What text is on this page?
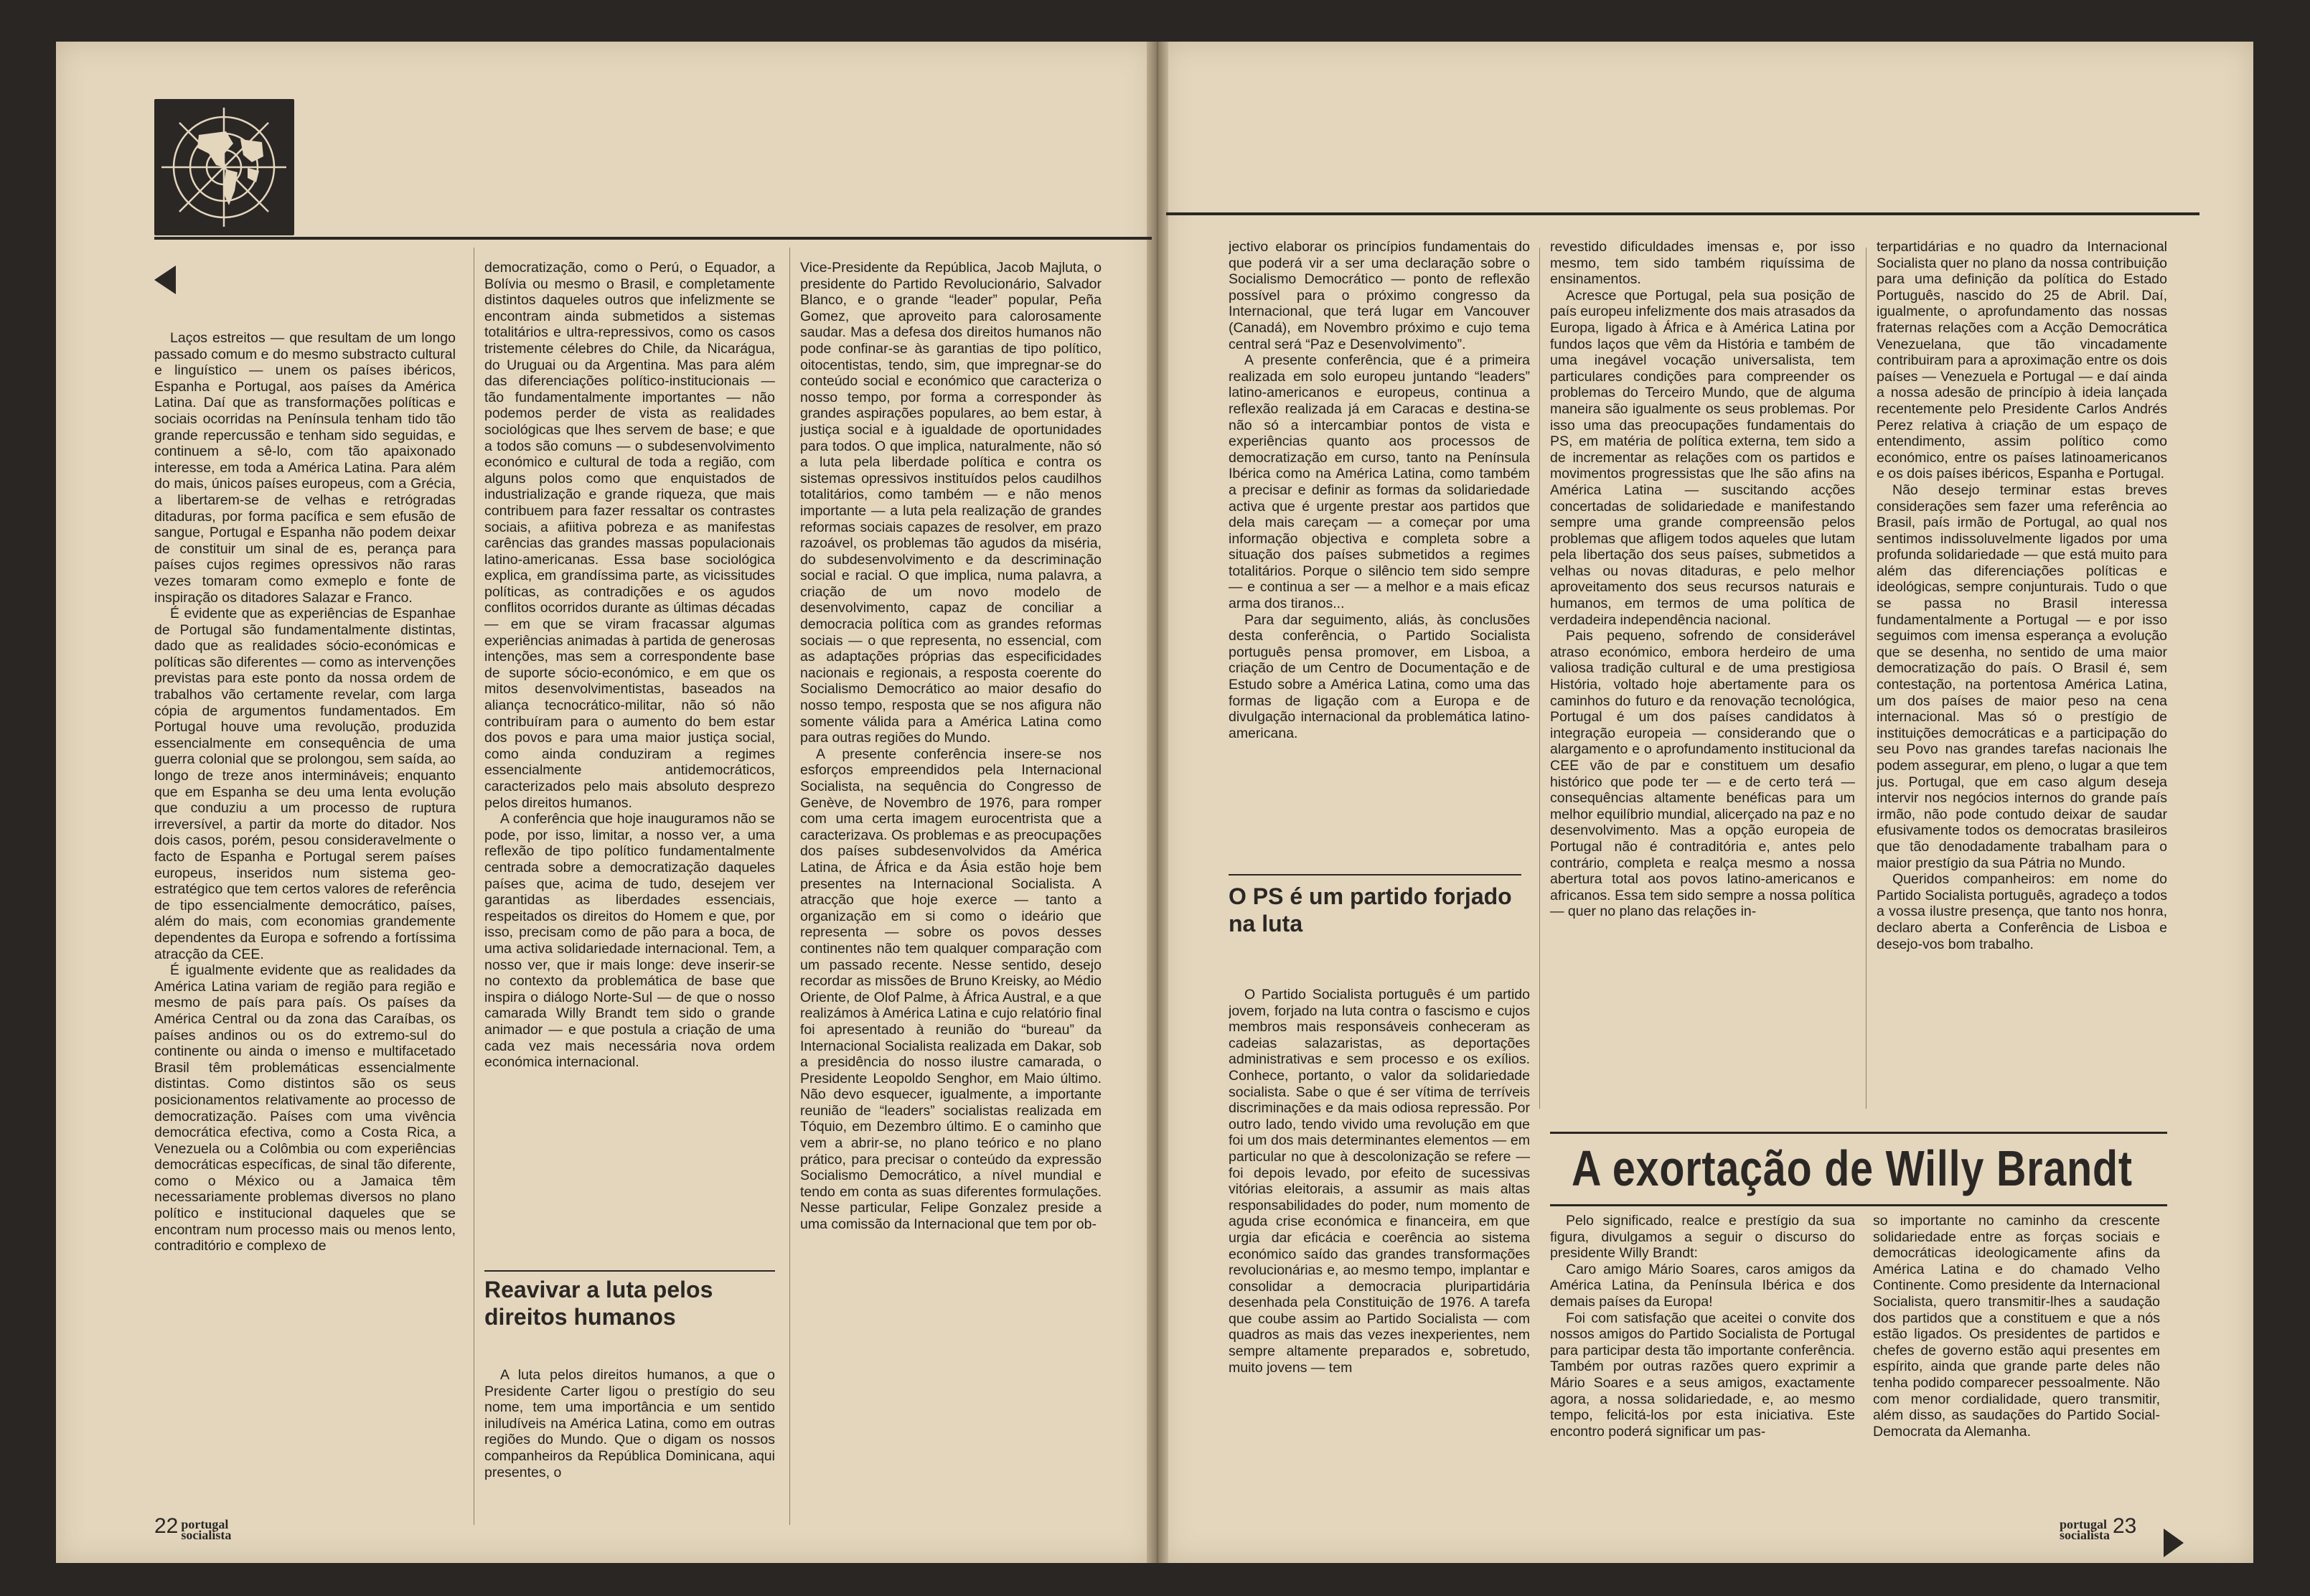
Laços estreitos — que resultam de um longo passado comum e do mesmo substracto cultural e linguístico — unem os países ibéricos, Espanha e Portugal, aos países da América Latina. Daí que as transformações políticas e sociais ocorridas na Península tenham tido tão grande repercussão e tenham sido seguidas, e continuem a sê-lo, com tão apaixonado interesse, em toda a América Latina. Para além do mais, únicos países europeus, com a Grécia, a libertarem-se de velhas e retrógradas ditaduras, por forma pacífica e sem efusão de sangue, Portugal e Espanha não podem deixar de constituir um sinal de es, perança para países cujos regimes opressivos não raras vezes tomaram como exmeplo e fonte de inspiração os ditadores Salazar e Franco.

É evidente que as experiências de Espanhae de Portugal são fundamentalmente distintas, dado que as realidades sócio-económicas e políticas são diferentes — como as intervenções previstas para este ponto da nossa ordem de trabalhos vão certamente revelar, com larga cópia de argumentos fundamentados. Em Portugal houve uma revolução, produzida essencialmente em consequência de uma guerra colonial que se prolongou, sem saída, ao longo de treze anos intermináveis; enquanto que em Espanha se deu uma lenta evolução que conduziu a um processo de ruptura irreversível, a partir da morte do ditador. Nos dois casos, porém, pesou consideravelmente o facto de Espanha e Portugal serem países europeus, inseridos num sistema geo-estratégico que tem certos valores de referência de tipo essencialmente democrático, países, além do mais, com economias grandemente dependentes da Europa e sofrendo a fortíssima atracção da CEE.

É igualmente evidente que as realidades da América Latina variam de região para região e mesmo de país para país. Os países da América Central ou da zona das Caraíbas, os países andinos ou os do extremo-sul do continente ou ainda o imenso e multifacetado Brasil têm problemáticas essencialmente distintas. Como distintos são os seus posicionamentos relativamente ao processo de democratização. Países com uma vivência democrática efectiva, como a Costa Rica, a Venezuela ou a Colômbia ou com experiências democráticas específicas, de sinal tão diferente, como o México ou a Jamaica têm necessariamente problemas diversos no plano político e institucional daqueles que se encontram num processo mais ou menos lento, contraditório e complexo de

democratização, como o Perú, o Equador, a Bolívia ou mesmo o Brasil, e completamente distintos daqueles outros que infelizmente se encontram ainda submetidos a sistemas totalitários e ultra-repressivos, como os casos tristemente célebres do Chile, da Nicarágua, do Uruguai ou da Argentina. Mas para além das diferenciações político-institucionais — tão fundamentalmente importantes — não podemos perder de vista as realidades sociológicas que lhes servem de base; e que a todos são comuns — o subdesenvolvimento económico e cultural de toda a região, com alguns polos como que enquistados de industrialização e grande riqueza, que mais contribuem para fazer ressaltar os contrastes sociais, a afiitiva pobreza e as manifestas carências das grandes massas populacionais latino-americanas. Essa base sociológica explica, em grandíssima parte, as vicissitudes políticas, as contradições e os agudos conflitos ocorridos durante as últimas décadas — em que se viram fracassar algumas experiências animadas à partida de generosas intenções, mas sem a correspondente base de suporte sócio-económico, e em que os mitos desenvolvimentistas, baseados na aliança tecnocrático-militar, não só não contribuíram para o aumento do bem estar dos povos e para uma maior justiça social, como ainda conduziram a regimes essencialmente antidemocráticos, caracterizados pelo mais absoluto desprezo pelos direitos humanos.

A conferência que hoje inauguramos não se pode, por isso, limitar, a nosso ver, a uma reflexão de tipo político fundamentalmente centrada sobre a democratização daqueles países que, acima de tudo, desejem ver garantidas as liberdades essenciais, respeitados os direitos do Homem e que, por isso, precisam como de pão para a boca, de uma activa solidariedade internacional. Tem, a nosso ver, que ir mais longe: deve inserir-se no contexto da problemática de base que inspira o diálogo Norte-Sul — de que o nosso camarada Willy Brandt tem sido o grande animador — e que postula a criação de uma cada vez mais necessária nova ordem económica internacional.

Reavivar a luta pelos direitos humanos

A luta pelos direitos humanos, a que o Presidente Carter ligou o prestígio do seu nome, tem uma importância e um sentido iniludíveis na América Latina, como em outras regiões do Mundo. Que o digam os nossos companheiros da República Dominicana, aqui presentes, o

Vice-Presidente da República, Jacob Majluta, o presidente do Partido Revolucionário, Salvador Blanco, e o grande “leader” popular, Peña Gomez, que aproveito para calorosamente saudar. Mas a defesa dos direitos humanos não pode confinar-se às garantias de tipo político, oitocentistas, tendo, sim, que impregnar-se do conteúdo social e económico que caracteriza o nosso tempo, por forma a corresponder às grandes aspirações populares, ao bem estar, à justiça social e à igualdade de oportunidades para todos. O que implica, naturalmente, não só a luta pela liberdade política e contra os sistemas opressivos instituídos pelos caudilhos totalitários, como também — e não menos importante — a luta pela realização de grandes reformas sociais capazes de resolver, em prazo razoável, os problemas tão agudos da miséria, do subdesenvolvimento e da descriminação social e racial. O que implica, numa palavra, a criação de um novo modelo de desenvolvimento, capaz de conciliar a democracia política com as grandes reformas sociais — o que representa, no essencial, com as adaptações próprias das especificidades nacionais e regionais, a resposta coerente do Socialismo Democrático ao maior desafio do nosso tempo, resposta que se nos afigura não somente válida para a América Latina como para outras regiões do Mundo.

A presente conferência insere-se nos esforços empreendidos pela Internacional Socialista, na sequência do Congresso de Genève, de Novembro de 1976, para romper com uma certa imagem eurocentrista que a caracterizava. Os problemas e as preocupações dos países subdesenvolvidos da América Latina, de África e da Ásia estão hoje bem presentes na Internacional Socialista. A atracção que hoje exerce — tanto a organização em si como o ideário que representa — sobre os povos desses continentes não tem qualquer comparação com um passado recente. Nesse sentido, desejo recordar as missões de Bruno Kreisky, ao Médio Oriente, de Olof Palme, à África Austral, e a que realizámos à América Latina e cujo relatório final foi apresentado à reunião do “bureau” da Internacional Socialista realizada em Dakar, sob a presidência do nosso ilustre camarada, o Presidente Leopoldo Senghor, em Maio último. Não devo esquecer, igualmente, a importante reunião de “leaders” socialistas realizada em Tóquio, em Dezembro último. E o caminho que vem a abrir-se, no plano teórico e no plano prático, para precisar o conteúdo da expressão Socialismo Democrático, a nível mundial e tendo em conta as suas diferentes formulações. Nesse particular, Felipe Gonzalez preside a uma comissão da Internacional que tem por ob-

22 portugal
socialista

jectivo elaborar os princípios fundamentais do que poderá vir a ser uma declaração sobre o Socialismo Democrático — ponto de reflexão possível para o próximo congresso da Internacional, que terá lugar em Vancouver (Canadá), em Novembro próximo e cujo tema central será “Paz e Desenvolvimento”.

A presente conferência, que é a primeira realizada em solo europeu juntando “leaders” latino-americanos e europeus, continua a reflexão realizada já em Caracas e destina-se não só a intercambiar pontos de vista e experiências quanto aos processos de democratização em curso, tanto na Península Ibérica como na América Latina, como também a precisar e definir as formas da solidariedade activa que é urgente prestar aos partidos que dela mais careçam — a começar por uma informação objectiva e completa sobre a situação dos países submetidos a regimes totalitários. Porque o silêncio tem sido sempre — e continua a ser — a melhor e a mais eficaz arma dos tiranos...

Para dar seguimento, aliás, às conclusões desta conferência, o Partido Socialista português pensa promover, em Lisboa, a criação de um Centro de Documentação e de Estudo sobre a América Latina, como uma das formas de ligação com a Europa e de divulgação internacional da problemática latino-americana.

O PS é um partido forjado na luta

O Partido Socialista português é um partido jovem, forjado na luta contra o fascismo e cujos membros mais responsáveis conheceram as cadeias salazaristas, as deportações administrativas e sem processo e os exílios. Conhece, portanto, o valor da solidariedade socialista. Sabe o que é ser vítima de terríveis discriminações e da mais odiosa repressão. Por outro lado, tendo vivido uma revolução em que foi um dos mais determinantes elementos — em particular no que à descolonização se refere — foi depois levado, por efeito de sucessivas vitórias eleitorais, a assumir as mais altas responsabilidades do poder, num momento de aguda crise económica e financeira, em que urgia dar eficácia e coerência ao sistema económico saído das grandes transformações revolucionárias e, ao mesmo tempo, implantar e consolidar a democracia pluripartidária desenhada pela Constituição de 1976. A tarefa que coube assim ao Partido Socialista — com quadros as mais das vezes inexperientes, nem sempre altamente preparados e, sobretudo, muito jovens — tem

revestido dificuldades imensas e, por isso mesmo, tem sido também riquíssima de ensinamentos.

Acresce que Portugal, pela sua posição de país europeu infelizmente dos mais atrasados da Europa, ligado à África e à América Latina por fundos laços que vêm da História e também de uma inegável vocação universalista, tem particulares condições para compreender os problemas do Terceiro Mundo, que de alguma maneira são igualmente os seus problemas. Por isso uma das preocupações fundamentais do PS, em matéria de política externa, tem sido a de incrementar as relações com os partidos e movimentos progressistas que lhe são afins na América Latina — suscitando acções concertadas de solidariedade e manifestando sempre uma grande compreensão pelos problemas que afligem todos aqueles que lutam pela libertação dos seus países, submetidos a velhas ou novas ditaduras, e pelo melhor aproveitamento dos seus recursos naturais e humanos, em termos de uma política de verdadeira independência nacional.

Pais pequeno, sofrendo de considerável atraso económico, embora herdeiro de uma valiosa tradição cultural e de uma prestigiosa História, voltado hoje abertamente para os caminhos do futuro e da renovação tecnológica, Portugal é um dos países candidatos à integração europeia — considerando que o alargamento e o aprofundamento institucional da CEE vão de par e constituem um desafio histórico que pode ter — e de certo terá — consequências altamente benéficas para um melhor equilíbrio mundial, alicerçado na paz e no desenvolvimento. Mas a opção europeia de Portugal não é contraditória e, antes pelo contrário, completa e realça mesmo a nossa abertura total aos povos latino-americanos e africanos. Essa tem sido sempre a nossa política — quer no plano das relações in-

terpartidárias e no quadro da Internacional Socialista quer no plano da nossa contribuição para uma definição da política do Estado Português, nascido do 25 de Abril. Daí, igualmente, o aprofundamento das nossas fraternas relações com a Acção Democrática Venezuelana, que tão vincadamente contribuiram para a aproximação entre os dois países — Venezuela e Portugal — e daí ainda a nossa adesão de princípio à ideia lançada recentemente pelo Presidente Carlos Andrés Perez relativa à criação de um espaço de entendimento, assim político como económico, entre os países latinoamericanos e os dois países ibéricos, Espanha e Portugal.

Não desejo terminar estas breves considerações sem fazer uma referência ao Brasil, país irmão de Portugal, ao qual nos sentimos indissoluvelmente ligados por uma profunda solidariedade — que está muito para além das diferenciações políticas e ideológicas, sempre conjunturais. Tudo o que se passa no Brasil interessa fundamentalmente a Portugal — e por isso seguimos com imensa esperança a evolução que se desenha, no sentido de uma maior democratização do país. O Brasil é, sem contestação, na portentosa América Latina, um dos países de maior peso na cena internacional. Mas só o prestígio de instituições democráticas e a participação do seu Povo nas grandes tarefas nacionais lhe podem assegurar, em pleno, o lugar a que tem jus. Portugal, que em caso algum deseja intervir nos negócios internos do grande país irmão, não pode contudo deixar de saudar efusivamente todos os democratas brasileiros que tão denodadamente trabalham para o maior prestígio da sua Pátria no Mundo.

Queridos companheiros: em nome do Partido Socialista português, agradeço a todos a vossa ilustre presença, que tanto nos honra, declaro aberta a Conferência de Lisboa e desejo-vos bom trabalho.

A exortação de Willy Brandt

Pelo significado, realce e prestígio da sua figura, divulgamos a seguir o discurso do presidente Willy Brandt:

Caro amigo Mário Soares, caros amigos da América Latina, da Península Ibérica e dos demais países da Europa!

Foi com satisfação que aceitei o convite dos nossos amigos do Partido Socialista de Portugal para participar desta tão importante conferência. Também por outras razões quero exprimir a Mário Soares e a seus amigos, exactamente agora, a nossa solidariedade, e, ao mesmo tempo, felicitá-los por esta iniciativa. Este encontro poderá significar um pas-

so importante no caminho da crescente solidariedade entre as forças sociais e democráticas ideologicamente afins da América Latina e do chamado Velho Continente. Como presidente da Internacional Socialista, quero transmitir-lhes a saudação dos partidos que a constituem e que a nós estão ligados. Os presidentes de partidos e chefes de governo estão aqui presentes em espírito, ainda que grande parte deles não tenha podido comparecer pessoalmente. Não com menor cordialidade, quero transmitir, além disso, as saudações do Partido Social-Democrata da Alemanha.

portugal
socialista 23
